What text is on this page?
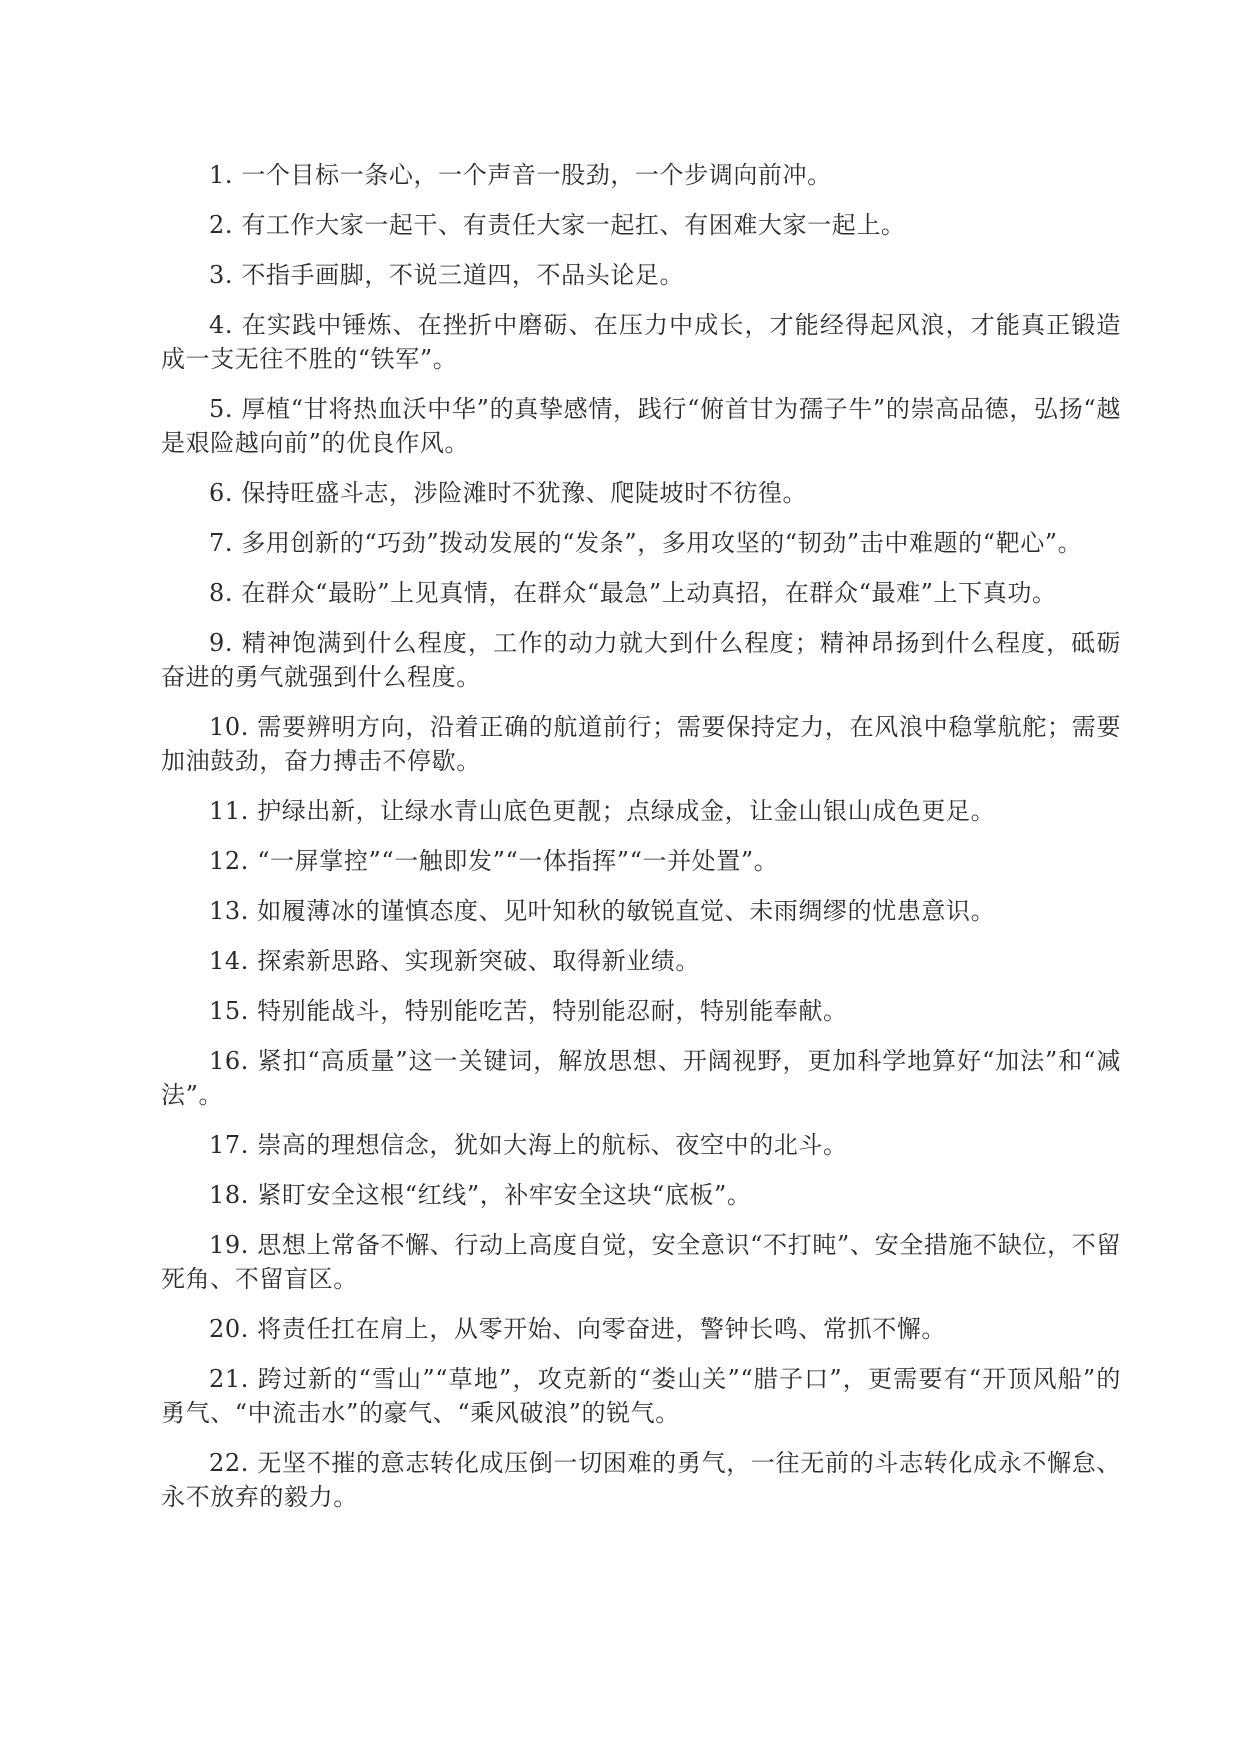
1. 一个目标一条心，一个声音一股劲，一个步调向前冲。

2. 有工作大家一起干、有责任大家一起扛、有困难大家一起上。

3. 不指手画脚，不说三道四，不品头论足。

4. 在实践中锤炼、在挫折中磨砺、在压力中成长，才能经得起风浪，才能真正锻造成一支无往不胜的“铁军”。

5. 厚植“甘将热血沃中华”的真挚感情，践行“俯首甘为孺子牛”的崇高品德，弘扬“越是艰险越向前”的优良作风。

6. 保持旺盛斗志，涉险滩时不犹豫、爬陡坡时不彷徨。

7. 多用创新的“巧劲”拨动发展的“发条”，多用攻坚的“韧劲”击中难题的“靶心”。

8. 在群众“最盼”上见真情，在群众“最急”上动真招，在群众“最难”上下真功。

9. 精神饱满到什么程度，工作的动力就大到什么程度；精神昂扬到什么程度，砥砺奋进的勇气就强到什么程度。

10. 需要辨明方向，沿着正确的航道前行；需要保持定力，在风浪中稳掌航舵；需要加油鼓劲，奋力搏击不停歇。

11. 护绿出新，让绿水青山底色更靓；点绿成金，让金山银山成色更足。

12. “一屏掌控”“一触即发”“一体指挥”“一并处置”。

13. 如履薄冰的谨慎态度、见叶知秋的敏锐直觉、未雨绸缪的忧患意识。

14. 探索新思路、实现新突破、取得新业绩。

15. 特别能战斗，特别能吃苦，特别能忍耐，特别能奉献。

16. 紧扣“高质量”这一关键词，解放思想、开阔视野，更加科学地算好“加法”和“减法”。

17. 崇高的理想信念，犹如大海上的航标、夜空中的北斗。

18. 紧盯安全这根“红线”，补牢安全这块“底板”。

19. 思想上常备不懈、行动上高度自觉，安全意识“不打盹”、安全措施不缺位，不留死角、不留盲区。

20. 将责任扛在肩上，从零开始、向零奋进，警钟长鸣、常抓不懈。

21. 跨过新的“雪山”“草地”，攻克新的“娄山关”“腊子口”，更需要有“开顶风船”的勇气、“中流击水”的豪气、“乘风破浪”的锐气。

22. 无坚不摧的意志转化成压倒一切困难的勇气，一往无前的斗志转化成永不懈怠、永不放弃的毅力。
